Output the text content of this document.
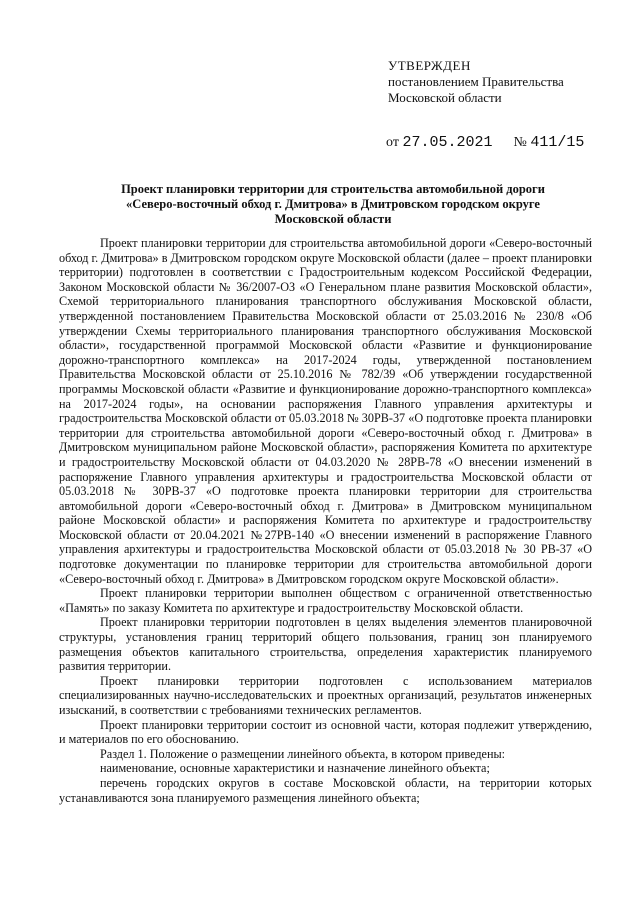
УТВЕРЖДЕН
постановлением Правительства
Московской области
от 27.05.2021 № 411/15
Проект планировки территории для строительства автомобильной дороги
«Северо-восточный обход г. Дмитрова» в Дмитровском городском округе
Московской области

Проект планировки территории для строительства автомобильной дороги «Северо-восточный обход г. Дмитрова» в Дмитровском городском округе Московской области (далее – проект планировки территории) подготовлен в соответствии с Градостроительным кодексом Российской Федерации, Законом Московской области № 36/2007-ОЗ «О Генеральном плане развития Московской области», Схемой территориального планирования транспортного обслуживания Московской области, утвержденной постановлением Правительства Московской области от 25.03.2016 № 230/8 «Об утверждении Схемы территориального планирования транспортного обслуживания Московской области», государственной программой Московской области «Развитие и функционирование дорожно-транспортного комплекса» на 2017-2024 годы, утвержденной постановлением Правительства Московской области от 25.10.2016 № 782/39 «Об утверждении государственной программы Московской области «Развитие и функционирование дорожно-транспортного комплекса» на 2017-2024 годы», на основании распоряжения Главного управления архитектуры и градостроительства Московской области от 05.03.2018 № 30РВ-37 «О подготовке проекта планировки территории для строительства автомобильной дороги «Северо-восточный обход г. Дмитрова» в Дмитровском муниципальном районе Московской области», распоряжения Комитета по архитектуре и градостроительству Московской области от 04.03.2020 № 28РВ-78 «О внесении изменений в распоряжение Главного управления архитектуры и градостроительства Московской области от 05.03.2018 № 30РВ-37 «О подготовке проекта планировки территории для строительства автомобильной дороги «Северо-восточный обход г. Дмитрова» в Дмитровском муниципальном районе Московской области» и распоряжения Комитета по архитектуре и градостроительству Московской области от 20.04.2021 №27РВ-140 «О внесении изменений в распоряжение Главного управления архитектуры и градостроительства Московской области от 05.03.2018 № 30 РВ-37 «О подготовке документации по планировке территории для строительства автомобильной дороги «Северо-восточный обход г. Дмитрова» в Дмитровском городском округе Московской области».

Проект планировки территории выполнен обществом с ограниченной ответственностью «Память» по заказу Комитета по архитектуре и градостроительству Московской области.

Проект планировки территории подготовлен в целях выделения элементов планировочной структуры, установления границ территорий общего пользования, границ зон планируемого размещения объектов капитального строительства, определения характеристик планируемого развития территории.

Проект планировки территории подготовлен с использованием материалов специализированных научно-исследовательских и проектных организаций, результатов инженерных изысканий, в соответствии с требованиями технических регламентов.

Проект планировки территории состоит из основной части, которая подлежит утверждению, и материалов по его обоснованию.

Раздел 1. Положение о размещении линейного объекта, в котором приведены:

наименование, основные характеристики и назначение линейного объекта;

перечень городских округов в составе Московской области, на территории которых устанавливаются зона планируемого размещения линейного объекта;
